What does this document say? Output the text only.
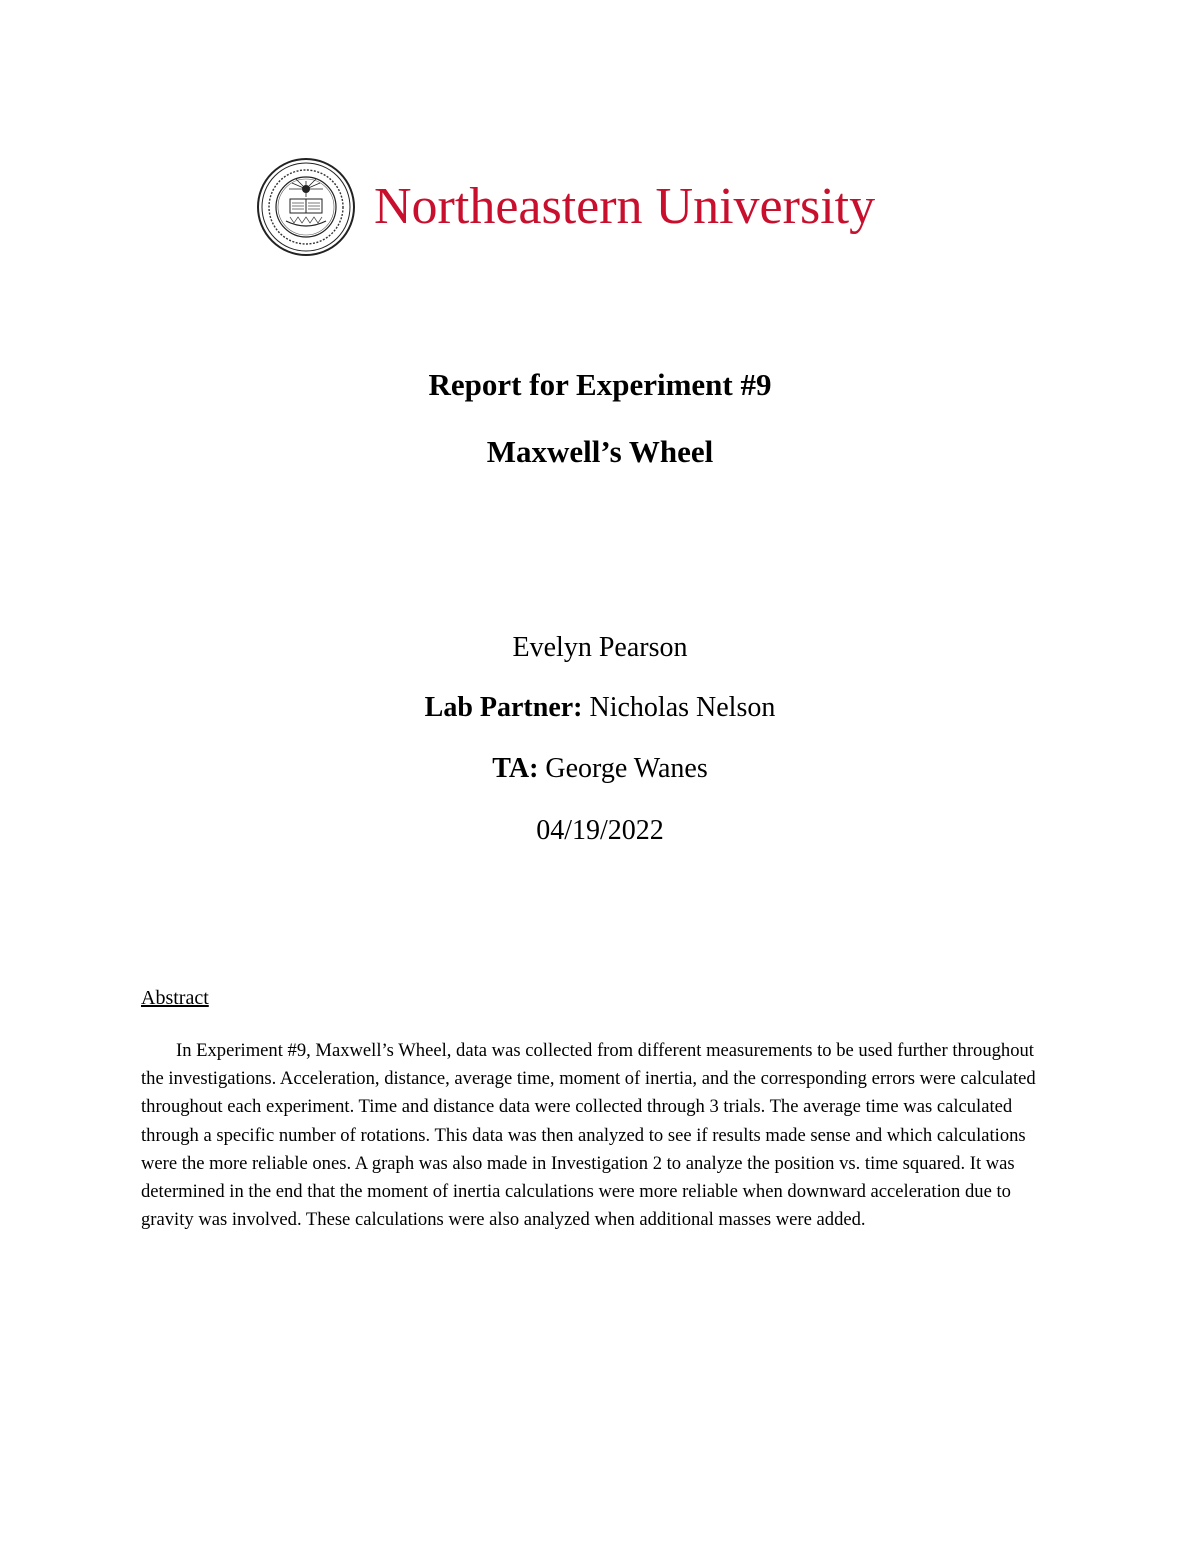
Northeastern University
Report for Experiment #9
Maxwell’s Wheel
Evelyn Pearson
Lab Partner: Nicholas Nelson
TA: George Wanes
04/19/2022
Abstract

In Experiment #9, Maxwell’s Wheel, data was collected from different measurements to be used further throughout the investigations. Acceleration, distance, average time, moment of inertia, and the corresponding errors were calculated throughout each experiment. Time and distance data were collected through 3 trials. The average time was calculated through a specific number of rotations. This data was then analyzed to see if results made sense and which calculations were the more reliable ones. A graph was also made in Investigation 2 to analyze the position vs. time squared. It was determined in the end that the moment of inertia calculations were more reliable when downward acceleration due to gravity was involved. These calculations were also analyzed when additional masses were added.
